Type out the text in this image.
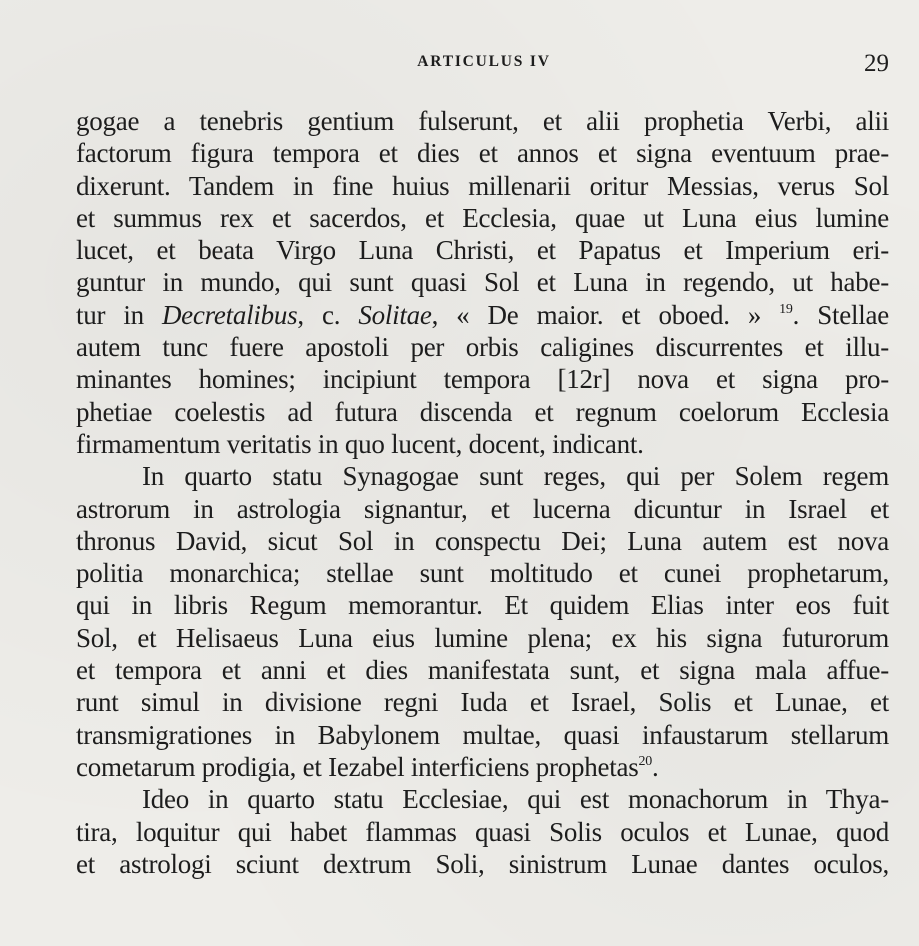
ARTICULUS IV	29
gogae a tenebris gentium fulserunt, et alii prophetia Verbi, alii
factorum figura tempora et dies et annos et signa eventuum prae-
dixerunt. Tandem in fine huius millenarii oritur Messias, verus Sol
et summus rex et sacerdos, et Ecclesia, quae ut Luna eius lumine
lucet, et beata Virgo Luna Christi, et Papatus et Imperium eri-
guntur in mundo, qui sunt quasi Sol et Luna in regendo, ut habe-
tur in Decretalibus, c. Solitae, « De maior. et oboed. » $^{19}$. Stellae
autem tunc fuere apostoli per orbis caligines discurrentes et illu-
minantes homines; incipiunt tempora [12r] nova et signa pro-
phetiae coelestis ad futura discenda et regnum coelorum Ecclesia
firmamentum veritatis in quo lucent, docent, indicant.
In quarto statu Synagogae sunt reges, qui per Solem regem
astrorum in astrologia signantur, et lucerna dicuntur in Israel et
thronus David, sicut Sol in conspectu Dei; Luna autem est nova
politia monarchica; stellae sunt moltitudo et cunei prophetarum,
qui in libris Regum memorantur. Et quidem Elias inter eos fuit
Sol, et Helisaeus Luna eius lumine plena; ex his signa futurorum
et tempora et anni et dies manifestata sunt, et signa mala affue-
runt simul in divisione regni Iuda et Israel, Solis et Lunae, et
transmigrationes in Babylonem multae, quasi infaustarum stellarum
cometarum prodigia, et Iezabel interficiens prophetas$^{20}$.
Ideo in quarto statu Ecclesiae, qui est monachorum in Thya-
tira, loquitur qui habet flammas quasi Solis oculos et Lunae, quod
et astrologi sciunt dextrum Soli, sinistrum Lunae dantes oculos,
